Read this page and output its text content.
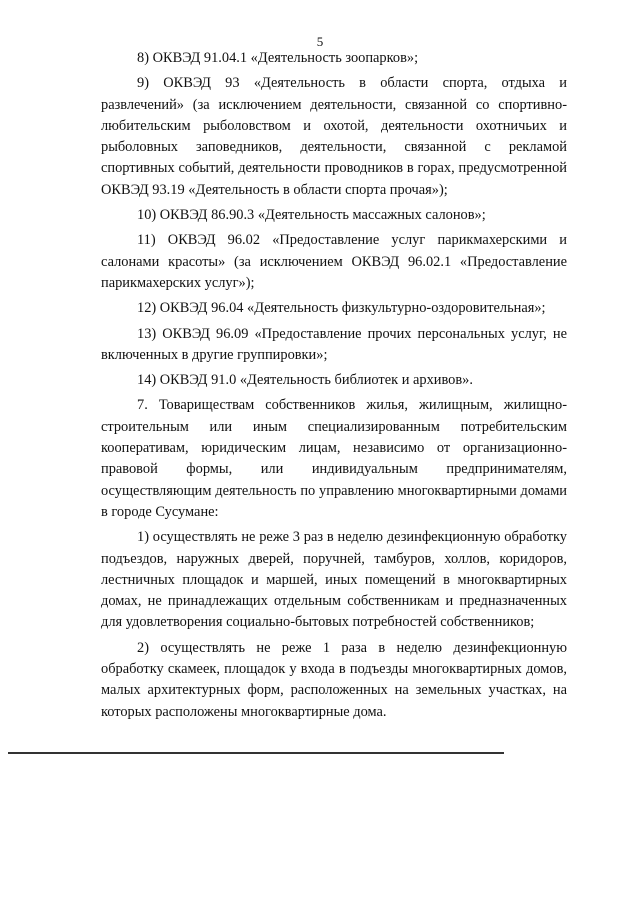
5

8) ОКВЭД 91.04.1 «Деятельность зоопарков»;

9) ОКВЭД 93 «Деятельность в области спорта, отдыха и развлечений» (за исключением деятельности, связанной со спортивно-любительским рыболовством и охотой, деятельности охотничьих и рыболовных заповедников, деятельности, связанной с рекламой спортивных событий, деятельности проводников в горах, предусмотренной ОКВЭД 93.19 «Деятельность в области спорта прочая»);

10) ОКВЭД 86.90.3 «Деятельность массажных салонов»;

11) ОКВЭД 96.02 «Предоставление услуг парикмахерскими и салонами красоты» (за исключением ОКВЭД 96.02.1 «Предоставление парикмахерских услуг»);

12) ОКВЭД 96.04 «Деятельность физкультурно-оздоровительная»;

13) ОКВЭД 96.09 «Предоставление прочих персональных услуг, не включенных в другие группировки»;

14) ОКВЭД 91.0 «Деятельность библиотек и архивов».

7. Товариществам собственников жилья, жилищным, жилищно-строительным или иным специализированным потребительским кооперативам, юридическим лицам, независимо от организационно-правовой формы, или индивидуальным предпринимателям, осуществляющим деятельность по управлению многоквартирными домами в городе Сусумане:

1) осуществлять не реже 3 раз в неделю дезинфекционную обработку подъездов, наружных дверей, поручней, тамбуров, холлов, коридоров, лестничных площадок и маршей, иных помещений в многоквартирных домах, не принадлежащих отдельным собственникам и предназначенных для удовлетворения социально-бытовых потребностей собственников;

2) осуществлять не реже 1 раза в неделю дезинфекционную обработку скамеек, площадок у входа в подъезды многоквартирных домов, малых архитектурных форм, расположенных на земельных участках, на которых расположены многоквартирные дома.
